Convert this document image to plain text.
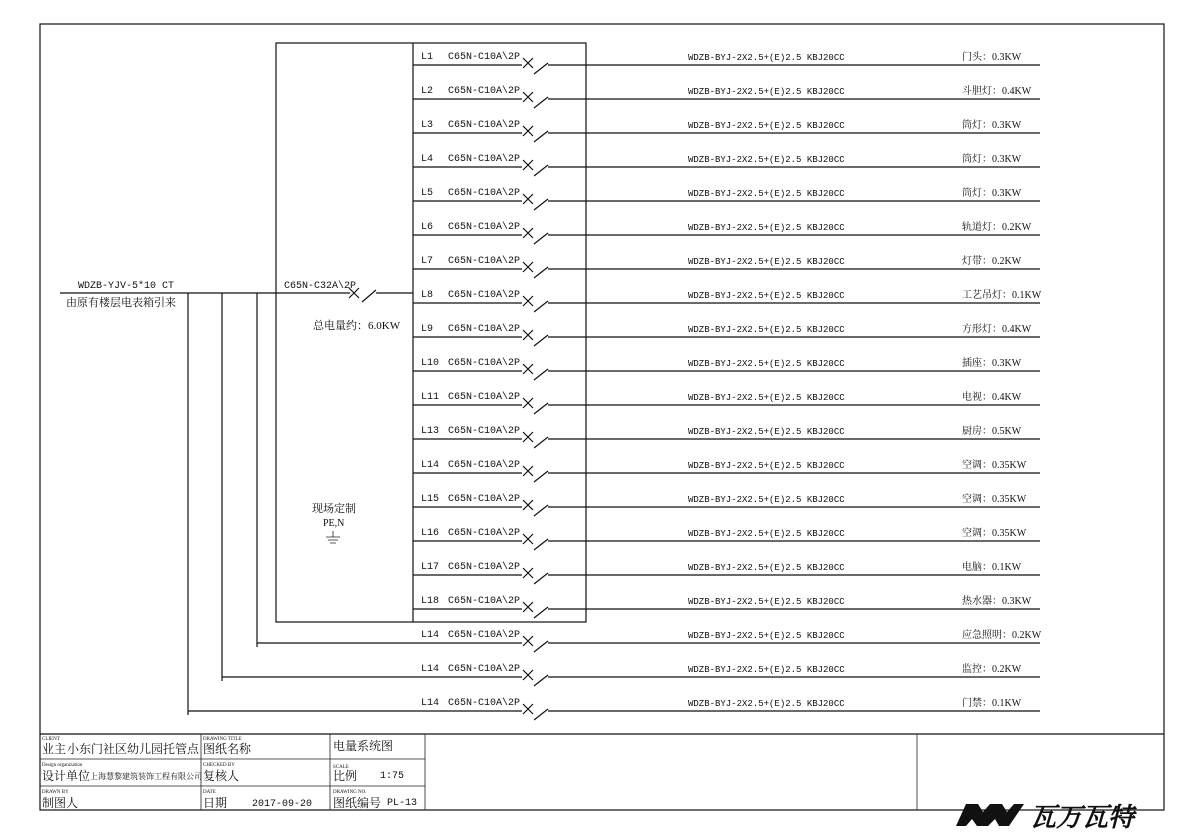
WDZB-YJV-5*10 CT
由原有楼层电表箱引来
C65N-C32A\2P
总电量约：6.0KW
现场定制
PE,N
L1 C65N-C10A\2P	WDZB-BYJ-2X2.5+(E)2.5 KBJ20CC	门头：0.3KW
L2 C65N-C10A\2P	WDZB-BYJ-2X2.5+(E)2.5 KBJ20CC	斗胆灯：0.4KW
L3 C65N-C10A\2P	WDZB-BYJ-2X2.5+(E)2.5 KBJ20CC	筒灯：0.3KW
L4 C65N-C10A\2P	WDZB-BYJ-2X2.5+(E)2.5 KBJ20CC	筒灯：0.3KW
L5 C65N-C10A\2P	WDZB-BYJ-2X2.5+(E)2.5 KBJ20CC	筒灯：0.3KW
L6 C65N-C10A\2P	WDZB-BYJ-2X2.5+(E)2.5 KBJ20CC	轨道灯：0.2KW
L7 C65N-C10A\2P	WDZB-BYJ-2X2.5+(E)2.5 KBJ20CC	灯带：0.2KW
L8 C65N-C10A\2P	WDZB-BYJ-2X2.5+(E)2.5 KBJ20CC	工艺吊灯：0.1KW
L9 C65N-C10A\2P	WDZB-BYJ-2X2.5+(E)2.5 KBJ20CC	方形灯：0.4KW
L10 C65N-C10A\2P	WDZB-BYJ-2X2.5+(E)2.5 KBJ20CC	插座：0.3KW
L11 C65N-C10A\2P	WDZB-BYJ-2X2.5+(E)2.5 KBJ20CC	电视：0.4KW
L13 C65N-C10A\2P	WDZB-BYJ-2X2.5+(E)2.5 KBJ20CC	厨房：0.5KW
L14 C65N-C10A\2P	WDZB-BYJ-2X2.5+(E)2.5 KBJ20CC	空调：0.35KW
L15 C65N-C10A\2P	WDZB-BYJ-2X2.5+(E)2.5 KBJ20CC	空调：0.35KW
L16 C65N-C10A\2P	WDZB-BYJ-2X2.5+(E)2.5 KBJ20CC	空调：0.35KW
L17 C65N-C10A\2P	WDZB-BYJ-2X2.5+(E)2.5 KBJ20CC	电脑：0.1KW
L18 C65N-C10A\2P	WDZB-BYJ-2X2.5+(E)2.5 KBJ20CC	热水器：0.3KW
L14 C65N-C10A\2P	WDZB-BYJ-2X2.5+(E)2.5 KBJ20CC	应急照明：0.2KW
L14 C65N-C10A\2P	WDZB-BYJ-2X2.5+(E)2.5 KBJ20CC	监控：0.2KW
L14 C65N-C10A\2P	WDZB-BYJ-2X2.5+(E)2.5 KBJ20CC	门禁：0.1KW
CLIENT
业主 小东门社区幼儿园托管点
DRAWING TITLE
图纸名称	电量系统图
Design organization
设计单位 上海慧黎建筑装饰工程有限公司
CHECKED BY
复核人
SCALE
比例 1:75
DRAWN BY
制图人
DATE
日期 2017-09-20
DRAWING NO.
图纸编号 PL-13	瓦万瓦特
